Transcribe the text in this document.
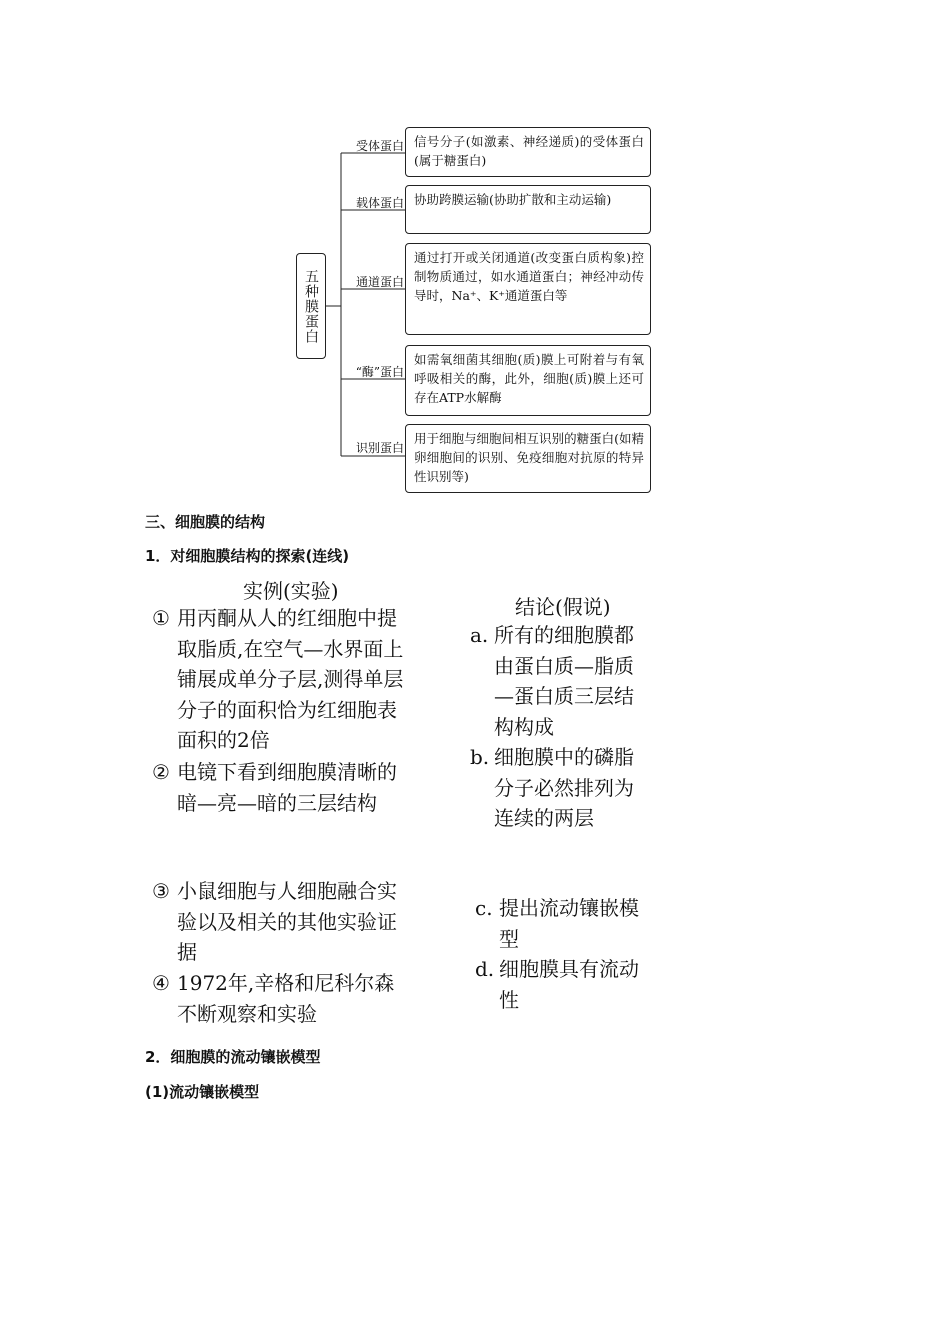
五种膜蛋白
受体蛋白 信号分子(如激素、神经递质)的受体蛋白(属于糖蛋白)
载体蛋白 协助跨膜运输(协助扩散和主动运输)
通道蛋白
通过打开或关闭通道(改变蛋白质构象)控制物质通过，如水通道蛋白；神经冲动传导时，Na⁺、K⁺通道蛋白等
“酶”蛋白
如需氧细菌其细胞(质)膜上可附着与有氧呼吸相关的酶，此外，细胞(质)膜上还可存在ATP水解酶
识别蛋白
用于细胞与细胞间相互识别的糖蛋白(如精卵细胞间的识别、免疫细胞对抗原的特异性识别等)
三、细胞膜的结构
1．对细胞膜结构的探索(连线)
实例(实验)
结论(假说)
① 用丙酮从人的红细胞中提取脂质,在空气—水界面上铺展成单分子层,测得单层分子的面积恰为红细胞表面积的2倍
② 电镜下看到细胞膜清晰的暗—亮—暗的三层结构
③ 小鼠细胞与人细胞融合实验以及相关的其他实验证据
④ 1972年,辛格和尼科尔森不断观察和实验
a. 所有的细胞膜都由蛋白质—脂质—蛋白质三层结构构成
b. 细胞膜中的磷脂分子必然排列为连续的两层
c. 提出流动镶嵌模型
d. 细胞膜具有流动性
2．细胞膜的流动镶嵌模型
(1)流动镶嵌模型
